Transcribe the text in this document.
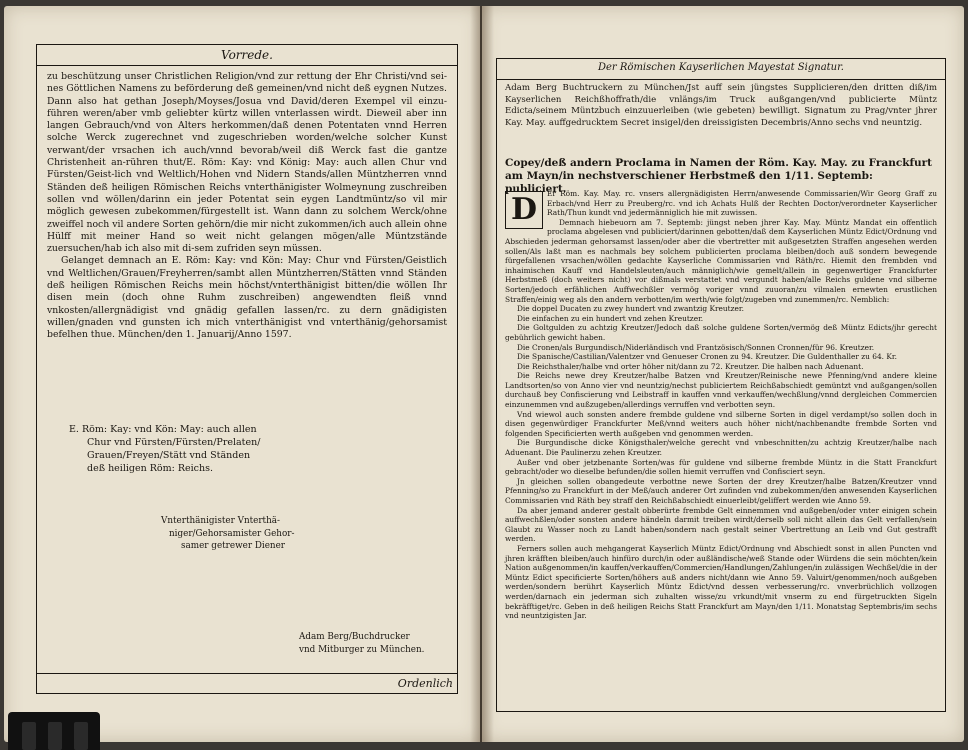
Vorrede.

zu beschützung unser Christlichen Religion/vnd zur rettung der Ehr Christi/vnd sei-nes Göttlichen Namens zu beförderung deß gemeinen/vnd nicht deß eygnen Nutzes. Dann also hat gethan Joseph/Moyses/Josua vnd David/deren Exempel vil einzu-führen weren/aber vmb geliebter kürtz willen vnterlassen wirdt. Dieweil aber inn langen Gebrauch/vnd von Alters herkommen/daß denen Potentaten vnnd Herren solche Werck zugerechnet vnd zugeschrieben worden/welche solcher Kunst verwant/der vrsachen ich auch/vnnd bevorab/weil diß Werck fast die gantze Christenheit an-rühren thut/E. Röm: Kay: vnd König: May: auch allen Chur vnd Fürsten/Geist-lich vnd Weltlich/Hohen vnd Nidern Stands/allen Müntzherren vnnd Ständen deß heiligen Römischen Reichs vnterthänigister Wolmeynung zuschreiben sollen vnd wöllen/darinn ein jeder Potentat sein eygen Landtmüntz/so vil mir möglich gewesen zubekommen/fürgestellt ist. Wann dann zu solchem Werck/ohne zweiffel noch vil andere Sorten gehörn/die mir nicht zukommen/ich auch allein ohne Hülff mit meiner Hand so weit nicht gelangen mögen/alle Müntzstände zuersuchen/hab ich also mit di-sem zufriden seyn müssen.

Gelanget demnach an E. Röm: Kay: vnd Kön: May: Chur vnd Fürsten/Geistlich vnd Weltlichen/Grauen/Freyherren/sambt allen Müntzherren/Stätten vnnd Ständen deß heiligen Römischen Reichs mein höchst/vnterthänigist bitten/die wöllen Ihr disen mein (doch ohne Ruhm zuschreiben) angewendten fleiß vnnd vnkosten/allergnädigist vnd gnädig gefallen lassen/rc. zu dern gnädigisten willen/gnaden vnd gunsten ich mich vnterthänigist vnd vnterthänig/gehorsamist befelhen thue. München/den 1. Januarij/Anno 1597.

E. Röm: Kay: vnd Kön: May: auch allen

Chur vnd Fürsten/Fürsten/Prelaten/

Grauen/Freyen/Stätt vnd Ständen

deß heiligen Röm: Reichs.

Vnterthänigister Vnterthä-

niger/Gehorsamister Gehor-

samer getrewer Diener

Adam Berg/Buchdrucker

vnd Mitburger zu München.

Ordenlich
Der Römischen Kayserlichen Mayestat Signatur.
Adam Berg Buchtruckern zu München/Jst auff sein jüngstes Supplicieren/den dritten diß/im Kayserlichen Reichßhoffrath/die vnlängs/im Truck außgangen/vnd publicierte Müntz Edicta/seinem Müntzbuch einzuuerleiben (wie gebeten) bewilligt. Signatum zu Prag/vnter jhrer Kay. May. auffgedrucktem Secret insigel/den dreissigisten Decembris/Anno sechs vnd neuntzig.
Copey/deß andern Proclama in Namen der Röm. Kay. May. zu Franckfurt am Mayn/in nechstverschiener Herbstmeß den 1/11. Septemb: publiciert.
D	Er Röm. Kay. May. rc. vnsers allergnädigisten Herrn/anwesende Commissarien/Wir Georg Graff zu Erbach/vnd Herr zu Preuberg/rc. vnd ich Achats Hulß der Rechten Doctor/verordneter Kayserlicher Rath/Thun kundt vnd jedermänniglich hie mit zuwissen.

Demnach hiebeuorn am 7. Septemb: jüngst neben jhrer Kay. May. Müntz Mandat ein offentlich proclama abgelesen vnd publiciert/darinnen gebotten/daß dem Kayserlichen Müntz Edict/Ordnung vnd Abschieden jederman gehorsamst lassen/oder aber die vbertretter mit außgesetzten Straffen angesehen werden sollen/Als laßt man es nachmals bey solchem publicierten proclama bleiben/doch auß sondern bewegende fürgefallenen vrsachen/wöllen gedachte Kayserliche Commissarien vnd Räth/rc. Hiemit den frembden vnd inhaimischen Kauff vnd Handelsleuten/auch männiglich/wie gemelt/allein in gegenwertiger Franckfurter Herbstmeß (doch weiters nicht) vor dißmals verstattet vnd vergundt haben/alle Reichs guldene vnd silberne Sorten/jedoch erfählichen Auffwechßler vermög voriger vnnd zuuoran/zu vilmalen ernewten erustlichen Straffen/einig weg als den andern verbotten/im werth/wie folgt/zugeben vnd zunemmen/rc. Nemblich:

Die doppel Ducaten zu zwey hundert vnd zwantzig Kreutzer.

Die einfachen zu ein hundert vnd zehen Kreutzer.

Die Goltgulden zu achtzig Kreutzer/Jedoch daß solche guldene Sorten/vermög deß Müntz Edicts/jhr gerecht gebührlich gewicht haben.

Die Cronen/als Burgundisch/Niderländisch vnd Frantzösisch/Sonnen Cronnen/für 96. Kreutzer.

Die Spanische/Castilian/Valentzer vnd Genueser Cronen zu 94. Kreutzer. Die Guldenthaller zu 64. Kr.

Die Reichsthaler/halbe vnd orter höher nit/dann zu 72. Kreutzer. Die halben nach Aduenant.

Die Reichs newe drey Kreutzer/halbe Batzen vnd Kreutzer/Reinische newe Pfenning/vnd andere kleine Landtsorten/so von Anno vier vnd neuntzig/nechst publiciertem Reichßabschiedt gemüntzt vnd außgangen/sollen durchauß bey Confiscierung vnd Leibstraff in kauffen vnnd verkauffen/wechßlung/vnnd dergleichen Commercien einzunemmen vnd außzugeben/allerdings verruffen vnd verbotten seyn.

Vnd wiewol auch sonsten andere frembde guldene vnd silberne Sorten in digel verdampt/so sollen doch in disen gegenwürdiger Franckfurter Meß/vnnd weiters auch höher nicht/nachbenandte frembde Sorten vnd folgenden Specificierten werth außgeben vnd genommen werden.

Die Burgundische dicke Königsthaler/welche gerecht vnd vnbeschnitten/zu achtzig Kreutzer/halbe nach Aduenant. Die Paulinerzu zehen Kreutzer.

Außer vnd ober jetzbenante Sorten/was für guldene vnd silberne frembde Müntz in die Statt Franckfurt gebracht/oder wo dieselbe befunden/die sollen hiemit verruffen vnd Confisciert seyn.

Jn gleichen sollen obangedeute verbottne newe Sorten der drey Kreutzer/halbe Batzen/Kreutzer vnnd Pfenning/so zu Franckfurt in der Meß/auch anderer Ort zufinden vnd zubekommen/den anwesenden Kayserlichen Commissarien vnd Räth bey straff den Reichßabschiedt einuerleibt/geliffert werden wie Anno 59.

Da aber jemand anderer gestalt obberürte frembde Gelt einnemmen vnd außgeben/oder vnter einigen schein auffwechßlen/oder sonsten andere händeln darmit treiben wirdt/derselb soll nicht allein das Gelt verfallen/sein Glaubt zu Wasser noch zu Landt haben/sondern nach gestalt seiner Vbertrettung an Leib vnd Gut gestrafft werden.

Ferners sollen auch mehgangerat Kayserlich Müntz Edict/Ordnung vnd Abschiedt sonst in allen Puncten vnd jhren kräfften bleiben/auch hinfüro durch/in oder außländische/weß Stande oder Würdens die sein möchten/kein Nation außgenommen/in kauffen/verkauffen/Commercien/Handlungen/Zahlungen/in zulässigen Wechßel/die in der Müntz Edict specificierte Sorten/höhers auß anders nicht/dann wie Anno 59. Valuirt/genommen/noch außgeben werden/sondern berührt Kayserlich Müntz Edict/vnd dessen verbesserung/rc. vnverbrüchlich vollzogen werden/darnach ein jederman sich zuhalten wisse/zu vrkundt/mit vnserm zu end fürgetruckten Sigeln bekräfftiget/rc. Geben in deß heiligen Reichs Statt Franckfurt am Mayn/den 1/11. Monatstag Septembris/im sechs vnd neuntzigisten Jar.
